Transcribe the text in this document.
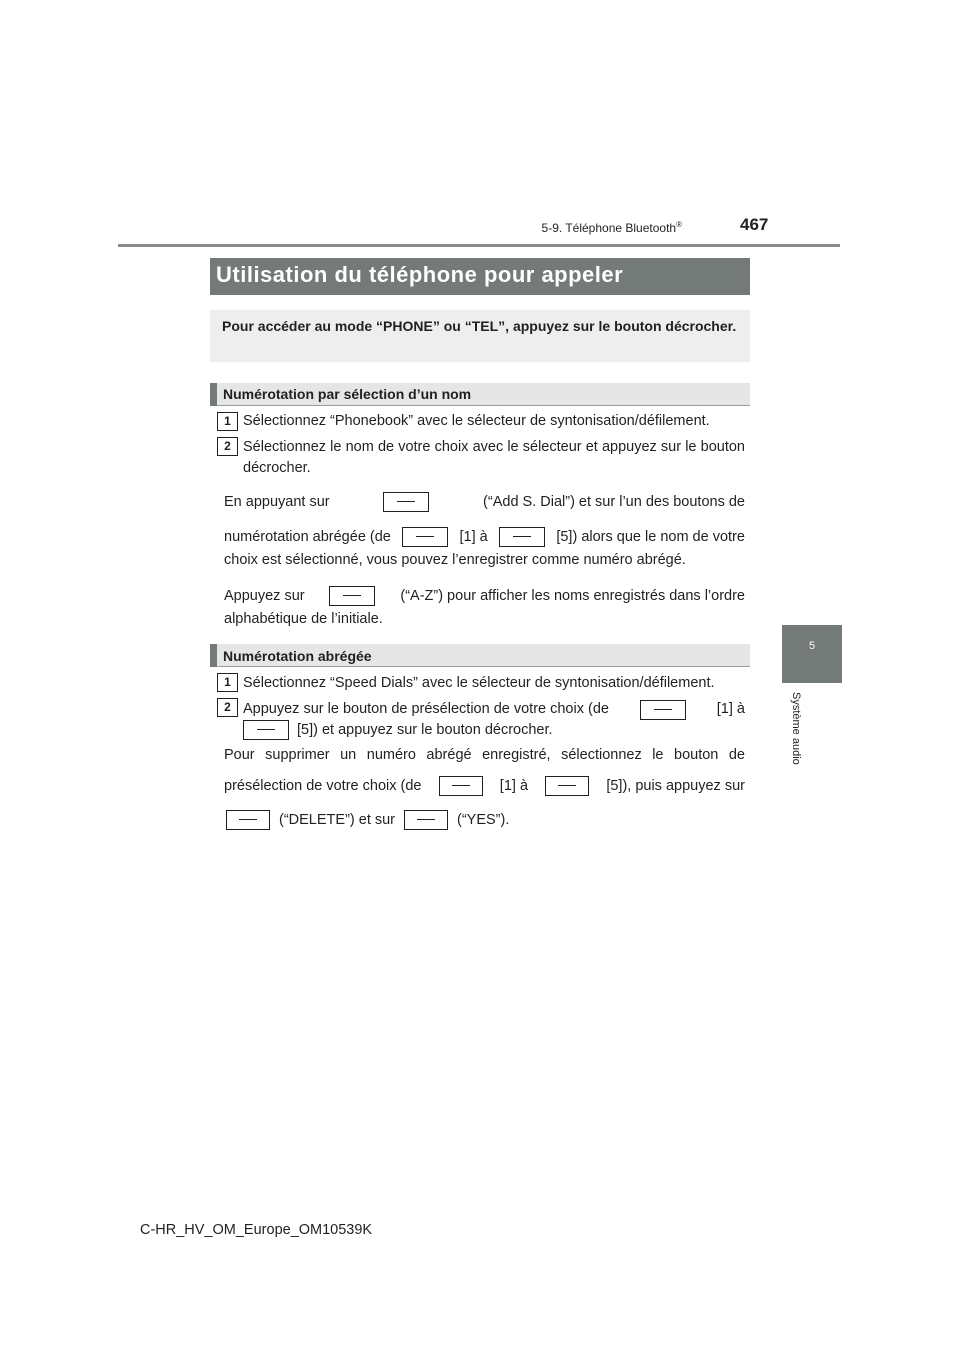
5-9. Téléphone Bluetooth®	467
5
Système audio
Utilisation du téléphone pour appeler
Pour accéder au mode “PHONE” ou “TEL”, appuyez sur le bouton décrocher.
Numérotation par sélection d’un nom
1 Sélectionnez “Phonebook” avec le sélecteur de syntonisation/défilement.
2 Sélectionnez le nom de votre choix avec le sélecteur et appuyez sur le bouton décrocher.
En appuyant sur	(“Add S. Dial”) et sur l’un des boutons de
numérotation abrégée (de	[1] à	[5]) alors que le nom de votre
choix est sélectionné, vous pouvez l’enregistrer comme numéro abrégé.
Appuyez sur	(“A-Z”) pour afficher les noms enregistrés dans l’ordre
alphabétique de l’initiale.
Numérotation abrégée
1 Sélectionnez “Speed Dials” avec le sélecteur de syntonisation/défilement.
2 Appuyez sur le bouton de présélection de votre choix (de	[1] à
[5]) et appuyez sur le bouton décrocher.
Pour supprimer un numéro abrégé enregistré, sélectionnez le bouton de
présélection de votre choix (de	[1] à	[5]), puis appuyez sur
(“DELETE”) et sur	(“YES”).
C-HR_HV_OM_Europe_OM10539K
